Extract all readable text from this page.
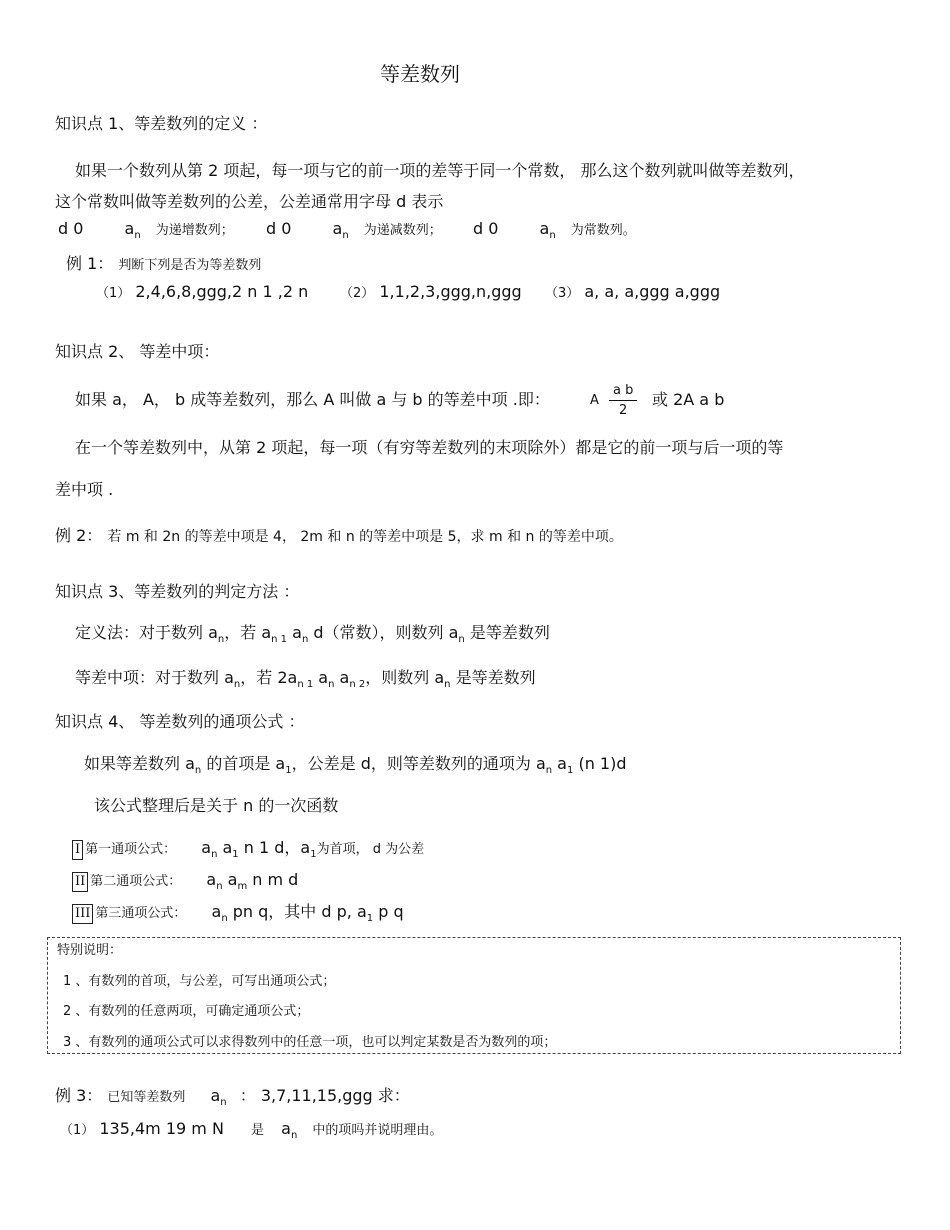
等差数列
知识点 1、等差数列的定义 ：
如果一个数列从第 2 项起，每一项与它的前一项的差等于同一个常数， 那么这个数列就叫做等差数列，
这个常数叫做等差数列的公差，公差通常用字母 d 表示
d 0	$a_n$ 为递增数列； d 0	$a_n$ 为递减数列； d 0	$a_n$ 为常数列。
例 1： 判断下列是否为等差数列
（1） 2,4,6,8,ggg,2 n 1 ,2 n （2） 1,1,2,3,ggg,n,ggg （3） a, a, a,ggg a,ggg
知识点 2、 等差中项：
如果 a， A， b 成等差数列，那么 A 叫做 a 与 b 的等差中项 .即：	A $\frac{\text{a b}}{2}$ 或 2A a b
在一个等差数列中，从第 2 项起，每一项（有穷等差数列的末项除外）都是它的前一项与后一项的等
差中项 .
例 2： 若 m 和 2n 的等差中项是 4， 2m 和 n 的等差中项是 5，求 m 和 n 的等差中项。
知识点 3、等差数列的判定方法 ：
定义法：对于数列 $a_n$，若 $a_{n 1}$ $a_n$ d（常数），则数列 $a_n$ 是等差数列
等差中项：对于数列 $a_n$，若 $2a_{n 1}$ $a_n$ $a_{n 2}$，则数列 $a_n$ 是等差数列
知识点 4、 等差数列的通项公式 ：
如果等差数列 $a_n$ 的首项是 $a_1$，公差是 d，则等差数列的通项为 $a_n$ $a_1$ (n 1)d
该公式整理后是关于 n 的一次函数
I 第一通项公式： $a_n$ $a_1$ n 1 d，$a_1$为首项， d 为公差
II 第二通项公式： $a_n$ $a_m$ n m d
III 第三通项公式： $a_n$ pn q，其中 d p, $a_1$ p q
特别说明：
1 、有数列的首项，与公差，可写出通项公式；
2 、有数列的任意两项，可确定通项公式；
3 、有数列的通项公式可以求得数列中的任意一项，也可以判定某数是否为数列的项；
例 3： 已知等差数列 $a_n$ ： 3,7,11,15,ggg 求：
（1） 135,4m 19 m N 是 $a_n$ 中的项吗并说明理由。
